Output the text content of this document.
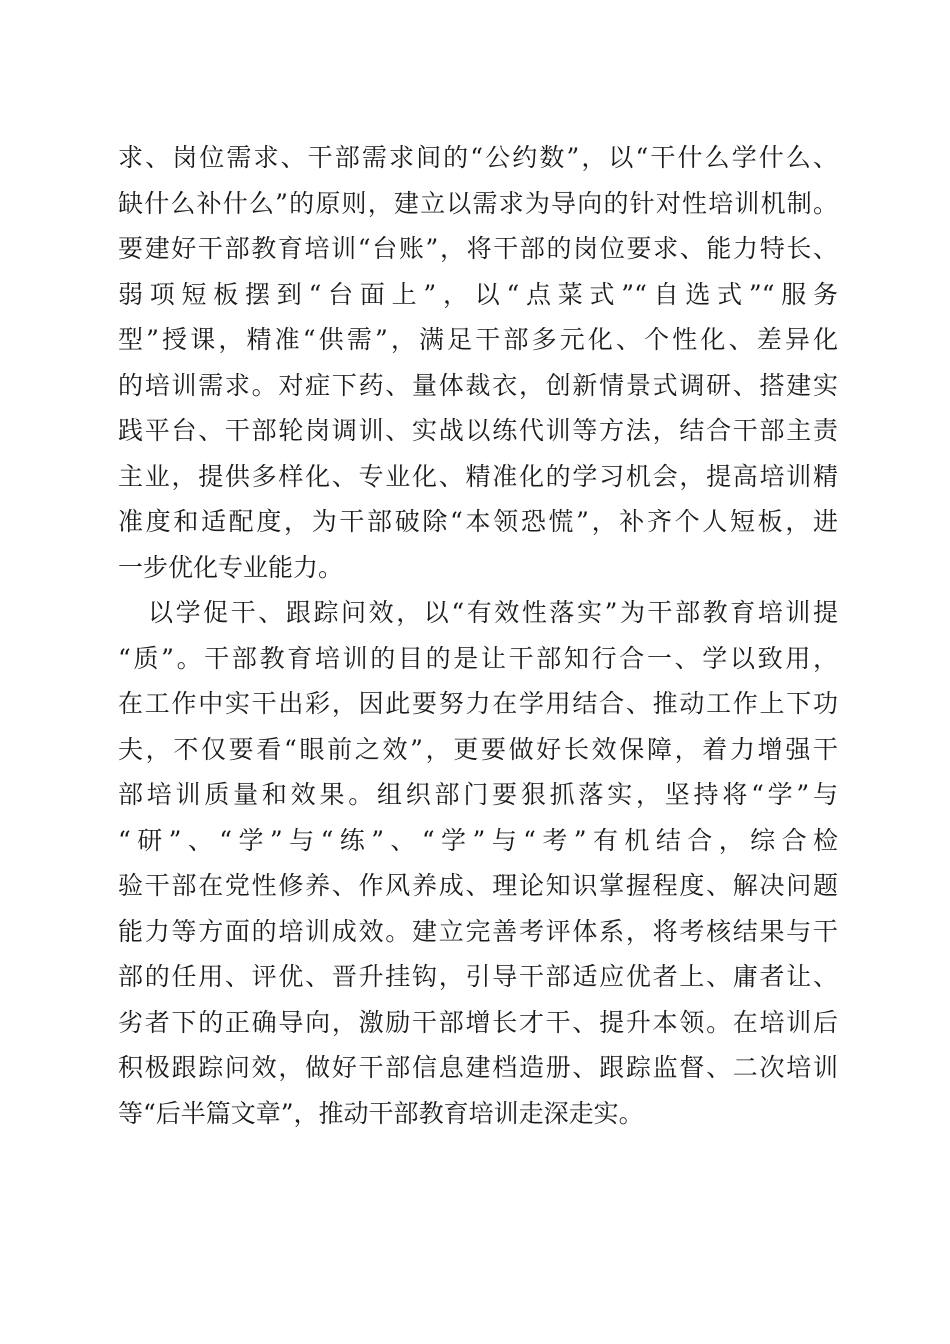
求、岗位需求、干部需求间的“公约数”，以“干什么学什么、
缺什么补什么”的原则，建立以需求为导向的针对性培训机制。
要建好干部教育培训“台账”，将干部的岗位要求、能力特长、
弱项短板摆到“台面上”，以“点菜式”“自选式”“服务
型”授课，精准“供需”，满足干部多元化、个性化、差异化
的培训需求。对症下药、量体裁衣，创新情景式调研、搭建实
践平台、干部轮岗调训、实战以练代训等方法，结合干部主责
主业，提供多样化、专业化、精准化的学习机会，提高培训精
准度和适配度，为干部破除“本领恐慌”，补齐个人短板，进
一步优化专业能力。
以学促干、跟踪问效，以“有效性落实”为干部教育培训提
“质”。干部教育培训的目的是让干部知行合一、学以致用，
在工作中实干出彩，因此要努力在学用结合、推动工作上下功
夫，不仅要看“眼前之效”，更要做好长效保障，着力增强干
部培训质量和效果。组织部门要狠抓落实，坚持将“学”与
“研”、“学”与“练”、“学”与“考”有机结合，综合检
验干部在党性修养、作风养成、理论知识掌握程度、解决问题
能力等方面的培训成效。建立完善考评体系，将考核结果与干
部的任用、评优、晋升挂钩，引导干部适应优者上、庸者让、
劣者下的正确导向，激励干部增长才干、提升本领。在培训后
积极跟踪问效，做好干部信息建档造册、跟踪监督、二次培训
等“后半篇文章”，推动干部教育培训走深走实。
